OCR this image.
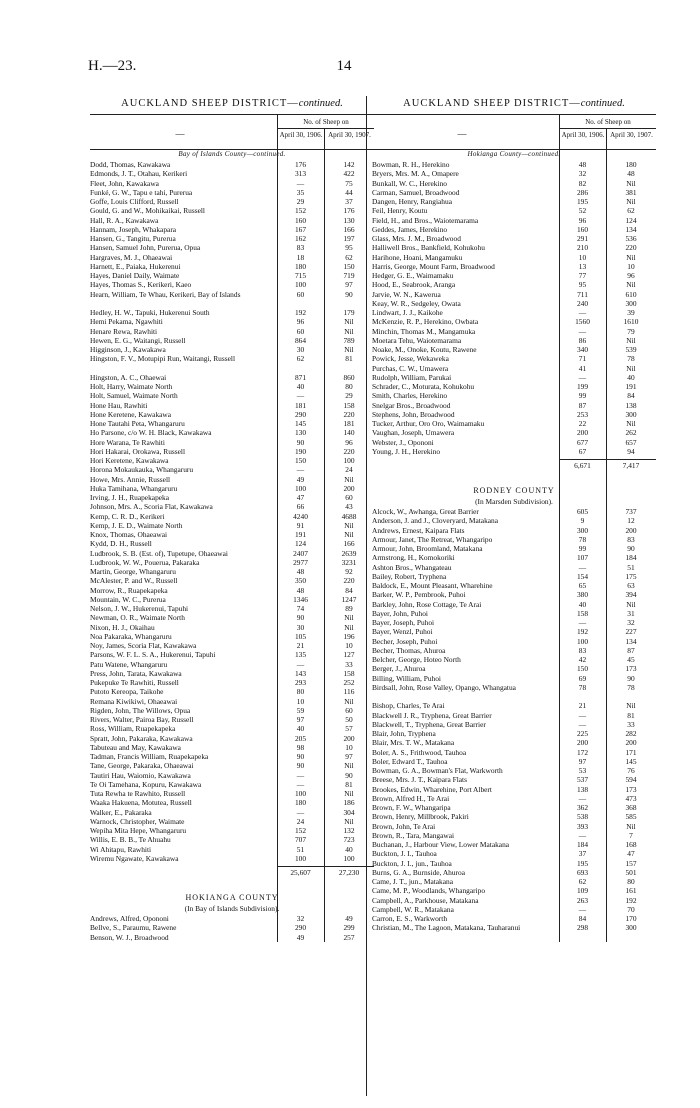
H.—23.	14
AUCKLAND SHEEP DISTRICT—continued.
—
No. of Sheep on
April 30, 1906. April 30, 1907.
Bay of Islands County—continued.
Dodd, Thomas, Kawakawa	176	142
Edmonds, J. T., Otahau, Kerikeri	313	422
Fleet, John, Kawakawa	—	75
Funké, G. W., Tapu e tahi, Purerua	35	44
Goffe, Louis Clifford, Russell	29	37
Gould, G. and W., Mohikaikai, Russell	152	176
Hall, R. A., Kawakawa	160	130
Hannam, Joseph, Whakapara	167	166
Hansen, G., Tangitu, Purerua	162	197
Hansen, Samuel John, Purerua, Opua	83	95
Hargraves, M. J., Ohaeawai	18	62
Harnett, E., Paiaka, Hukerenui	180	150
Hayes, Daniel Daily, Waimate	715	719
Hayes, Thomas S., Kerikeri, Kaeo	100	97
Hearn, William, Te Whau, Kerikeri, Bay of Islands	60	90
Hedley, H. W., Tapuki, Hukerenui South	192	179
Hemi Pekama, Ngawhiti	96	Nil
Henare Rewa, Rawhiti	60	Nil
Hewen, E. G., Waitangi, Russell	864	789
Higginson, J., Kawakawa	30	Nil
Hingston, F. V., Motupipi Run, Waitangi, Russell	62	81
Hingston, A. C., Ohaewai	871	860
Holt, Harry, Waimate North	40	80
Holt, Samuel, Waimate North	—	29
Hone Hau, Rawhiti	181	158
Hone Keretene, Kawakawa	290	220
Hone Tautahi Peta, Whangaruru	145	181
Ho Parsone, c/o W. H. Black, Kawakawa	130	140
Hore Warana, Te Rawhiti	90	96
Hori Hakarai, Orokawa, Russell	190	220
Hori Keretene, Kawakawa	150	100
Horona Mokaukauka, Whangaruru	—	24
Howe, Mrs. Annie, Russell	49	Nil
Huka Tamihana, Whangaruru	100	200
Irving, J. H., Ruapekapeka	47	60
Johnson, Mrs. A., Scoria Flat, Kawakawa	66	43
Kemp, C. R. D., Kerikeri	4240	4688
Kemp, J. E. D., Waimate North	91	Nil
Knox, Thomas, Ohaeawai	191	Nil
Kydd, D. H., Russell	124	166
Ludbrook, S. B. (Est. of), Tupetupe, Ohaeawai	2407	2639
Ludbrook, W. W., Pouerua, Pakaraka	2977	3231
Martin, George, Whangaruru	48	92
McAlester, P. and W., Russell	350	220
Morrow, R., Ruapekapeka	48	84
Mountain, W. C., Purerua	1346	1247
Nelson, J. W., Hukerenui, Tapuhi	74	89
Newman, O. R., Waimate North	90	Nil
Nixon, H. J., Okaihau	30	Nil
Noa Pakaraka, Whangaruru	105	196
Noy, James, Scoria Flat, Kawakawa	21	10
Parsons, W. F. L. S. A., Hukerenui, Tapuhi	135	127
Patu Watene, Whangaruru	—	33
Press, John, Tarata, Kawakawa	143	158
Pukepuke Te Rawhiti, Russell	293	252
Putoto Kereopa, Taikohe	80	116
Remana Kiwikiwi, Ohaeawai	10	Nil
Rigden, John, The Willows, Opua	59	60
Rivers, Walter, Pairoa Bay, Russell	97	50
Ross, William, Ruapekapeka	40	57
Spratt, John, Pakaraka, Kawakawa	205	200
Tabuteau and May, Kawakawa	98	10
Tadman, Francis William, Ruapekapeka	90	97
Tane, George, Pakaraka, Ohaeawai	90	Nil
Tautiri Hau, Waiomio, Kawakawa	—	90
Te Oi Tamehana, Kopuru, Kawakawa	—	81
Tuta Rewha te Rawhito, Russell	100	Nil
Waaka Hakuena, Motutea, Russell	180	186
Walker, E., Pakaraka	—	304
Warnock, Christopher, Waimate	24	Nil
Wepiha Mita Hepe, Whangaruru	152	132
Willis, E. B. B., Te Ahuahu	707	723
Wi Ahitapu, Rawhiti	51	40
Wiremu Ngawate, Kawakawa	100	100
25,607	27,230
HOKIANGA COUNTY
(In Bay of Islands Subdivision).
Andrews, Alfred, Opononi	32	49
Bellve, S., Paraumu, Rawene	290	299
Benson, W. J., Broadwood	49	257
AUCKLAND SHEEP DISTRICT—continued.
—
No. of Sheep on
April 30, 1906. April 30, 1907.
Hokianga County—continued.
Bowman, R. H., Herekino	48	180
Bryers, Mrs. M. A., Omapere	32	48
Bunkall, W. C., Herekino	82	Nil
Carman, Samuel, Broadwood	286	381
Dangen, Henry, Rangiahua	195	Nil
Feil, Henry, Koutu	52	62
Field, H., and Bros., Waiotemarama	96	124
Geddes, James, Herekino	160	134
Glass, Mrs. J. M., Broadwood	291	536
Halliwell Bros., Bankfield, Kohukohu	210	220
Harihone, Hoani, Mangamuku	10	Nil
Harris, George, Mount Farm, Broadwood	13	10
Hedger, G. E., Waimamaku	77	96
Hood, E., Seabrook, Aranga	95	Nil
Jarvie, W. N., Kawerua	711	610
Keay, W. R., Sedgeley, Owata	240	300
Lindwart, J. J., Kaikohe	—	39
McKenzie, R. P., Herekino, Owbata	1560	1610
Minchin, Thomas M., Mangamuka	—	79
Moetara Tehu, Waiotemarama	86	Nil
Noake, M., Onoke, Koutu, Rawene	340	539
Powick, Jesse, Wekaweka	71	78
Purchas, C. W., Umawera	41	Nil
Rudolph, William, Parukai	—	40
Schrader, C., Moturata, Kohukohu	199	191
Smith, Charles, Herekino	99	84
Snelgar Bros., Broadwood	87	138
Stephens, John, Broadwood	253	300
Tucker, Arthur, Oro Oro, Waimamaku	22	Nil
Vaughan, Joseph, Umawera	200	262
Webster, J., Opononi	677	657
Young, J. H., Herekino	67	94
6,671	7,417
RODNEY COUNTY
(In Marsden Subdivision).
Alcock, W., Awhanga, Great Barrier	605	737
Anderson, J. and J., Cloveryard, Matakana	9	12
Andrews, Ernest, Kaipara Flats	300	200
Armour, Janet, The Retreat, Whangaripo	78	83
Armour, John, Broomland, Matakana	99	90
Armstrong, H., Komokoriki	107	184
Ashton Bros., Whangateau	—	51
Bailey, Robert, Tryphena	154	175
Baldock, E., Mount Pleasant, Wharehine	65	63
Barker, W. P., Pembrook, Puhoi	380	394
Barkley, John, Rose Cottage, Te Arai	40	Nil
Bayer, John, Puhoi	158	31
Bayer, Joseph, Puhoi	—	32
Bayer, Wenzl, Puhoi	192	227
Becher, Joseph, Puhoi	100	134
Becher, Thomas, Ahuroa	83	87
Belcher, George, Hoteo North	42	45
Berger, J., Ahuroa	150	173
Billing, William, Puhoi	69	90
Birdsall, John, Rose Valley, Opango, Whangatua	78	78
Bishop, Charles, Te Arai	21	Nil
Blackwell J. R., Tryphena, Great Barrier	—	81
Blackwell, T., Tryphena, Great Barrier	—	33
Blair, John, Tryphena	225	282
Blair, Mrs. T. W., Matakana	200	200
Boler, A. S., Frithwood, Tauhoa	172	171
Boler, Edward T., Tauhoa	97	145
Bowman, G. A., Bowman's Flat, Warkworth	53	76
Breese, Mrs. J. T., Kaipara Flats	537	594
Brookes, Edwin, Wharehine, Port Albert	138	173
Brown, Alfred H., Te Arai	—	473
Brown, F. W., Whangaripa	362	368
Brown, Henry, Millbrook, Pakiri	538	585
Brown, John, Te Arai	393	Nil
Brown, R., Tara, Mangawai	—	7
Buchanan, J., Harbour View, Lower Matakana	184	168
Buckton, J. I., Tauhoa	37	47
Buckton, J. I., jun., Tauhoa	195	157
Burns, G. A., Burnside, Ahuroa	693	501
Came, J. T., jun., Matakana	62	80
Came, M. P., Woodlands, Whangaripo	109	161
Campbell, A., Parkhouse, Matakana	263	192
Campbell, W. R., Matakana	—	70
Carron, E. S., Warkworth	84	170
Christian, M., The Lagoon, Matakana, Tauharanui	298	300
